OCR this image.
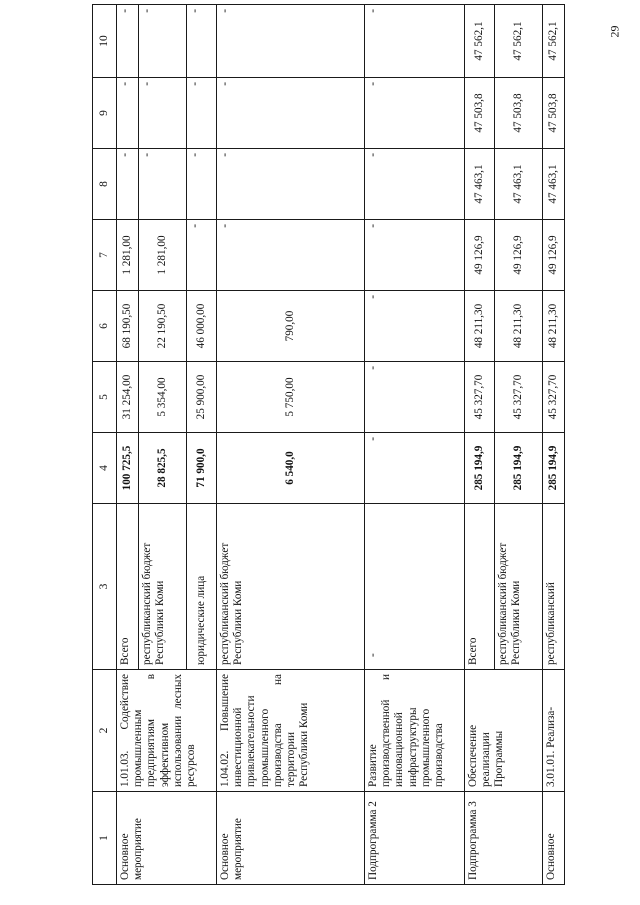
29
1	2	3	4	5	6	7	8	9	10
Основное мероприятие	1.01.03. Содействие промышленным предприятиям в эффективном использовании лесных ресурсов	Всего	100 725,5	31 254,00	68 190,50	1 281,00	-	-	-
		республиканский бюджет Республики Коми	28 825,5	5 354,00	22 190,50	1 281,00	-	-	-
		юридические лица	71 900,0	25 900,00	46 000,00	-	-	-	-
Основное мероприятие	1.04.02. Повышение инвестиционной привлекательности промышленного производства на территории Республики Коми	республиканский бюджет Республики Коми	6 540,0	5 750,00	790,00	-	-	-	-
Подпрограмма 2	Развитие производственной и инновационной инфраструктуры промышленного производства	-	-	-	-	-	-	-	-
Подпрограмма 3	Обеспечение реализации Программы	Всего	285 194,9	45 327,70	48 211,30	49 126,9	47 463,1	47 503,8	47 562,1
		республиканский бюджет Республики Коми	285 194,9	45 327,70	48 211,30	49 126,9	47 463,1	47 503,8	47 562,1
Основное	3.01.01. Реализа-	республиканский	285 194,9	45 327,70	48 211,30	49 126,9	47 463,1	47 503,8	47 562,1
